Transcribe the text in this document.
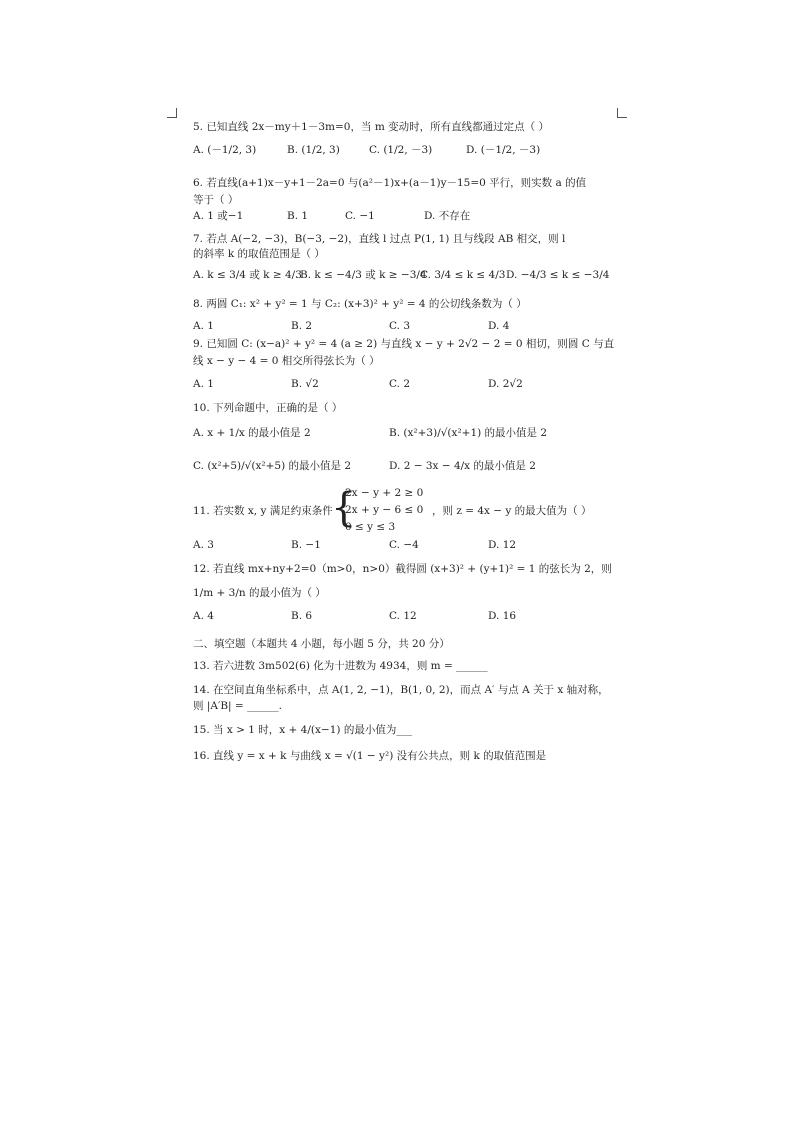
5. 已知直线 2x－my＋1－3m=0，当 m 变动时，所有直线都通过定点（ ）
A. (－1/2, 3)	B. (1/2, 3)	C. (1/2, －3)	D. (－1/2, －3)
6. 若直线(a+1)x－y+1－2a=0 与(a²－1)x+(a－1)y－15=0 平行，则实数 a 的值
等于（ ）
A. 1 或−1	B. 1	C. −1	D. 不存在
7. 若点 A(−2, −3)，B(−3, −2)，直线 l 过点 P(1, 1) 且与线段 AB 相交，则 l
的斜率 k 的取值范围是（ ）
A. k ≤ 3/4 或 k ≥ 4/3
B. k ≤ −4/3 或 k ≥ −3/4
C. 3/4 ≤ k ≤ 4/3 D. −4/3 ≤ k ≤ −3/4
8. 两圆 C₁: x² + y² = 1 与 C₂: (x+3)² + y² = 4 的公切线条数为（ ）
A. 1	B. 2	C. 3	D. 4
9. 已知圆 C: (x−a)² + y² = 4 (a ≥ 2) 与直线 x − y + 2√2 − 2 = 0 相切，则圆 C 与直
线 x − y − 4 = 0 相交所得弦长为（ ）
A. 1	B. √2	C. 2	D. 2√2
10. 下列命题中，正确的是（ ）
A. x + 1/x 的最小值是 2	B. (x²+3)/√(x²+1) 的最小值是 2
C. (x²+5)/√(x²+5) 的最小值是 2	D. 2 − 3x − 4/x 的最小值是 2
11. 若实数 x, y 满足约束条件
{
2x − y + 2 ≥ 0
2x + y − 6 ≤ 0
0 ≤ y ≤ 3
，则 z = 4x − y 的最大值为（ ）
A. 3	B. −1	C. −4	D. 12
12. 若直线 mx+ny+2=0（m>0，n>0）截得圆 (x+3)² + (y+1)² = 1 的弦长为 2，则
1/m + 3/n 的最小值为（ ）
A. 4	B. 6	C. 12	D. 16
二、填空题（本题共 4 小题，每小题 5 分，共 20 分）
13. 若六进数 3m502(6) 化为十进数为 4934，则 m = ______
14. 在空间直角坐标系中，点 A(1, 2, −1)，B(1, 0, 2)，而点 A′ 与点 A 关于 x 轴对称，
则 |A′B| = ______.
15. 当 x > 1 时，x + 4/(x−1) 的最小值为___
16. 直线 y = x + k 与曲线 x = √(1 − y²) 没有公共点，则 k 的取值范围是
